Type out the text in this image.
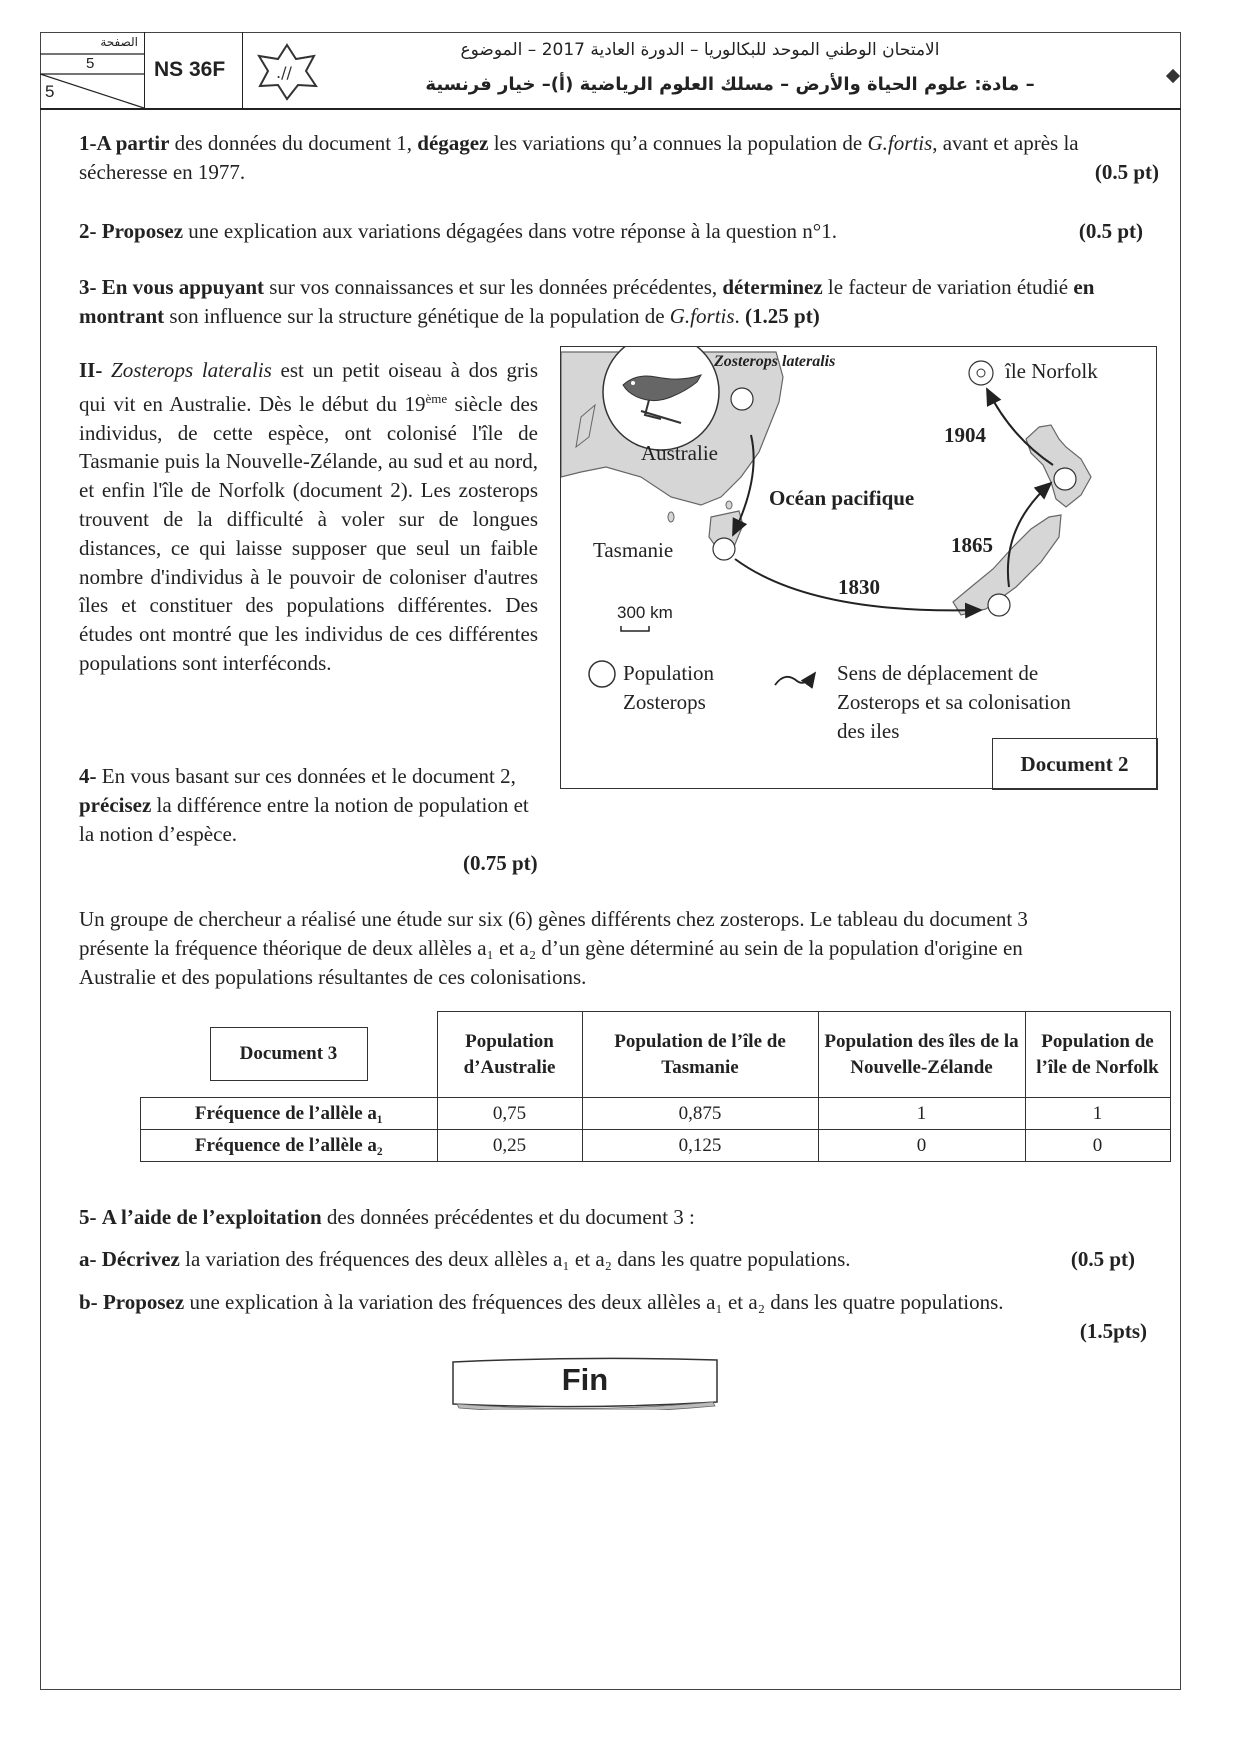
الصفحة
5
5
NS 36F	.//
الامتحان الوطني الموحد للبكالوريا – الدورة العادية 2017 – الموضوع
– مادة: علوم الحياة والأرض – مسلك العلوم الرياضية (أ)– خيار فرنسية
1-A partir des données du document 1, dégagez les variations qu’a connues la population de G.fortis, avant et après la sécheresse en 1977.	(0.5 pt)
2- Proposez une explication aux variations dégagées dans votre réponse à la question n°1.	(0.5 pt)
3- En vous appuyant sur vos connaissances et sur les données précédentes, déterminez le facteur de variation étudié en montrant son influence sur la structure génétique de la population de G.fortis. (1.25 pt)
II- Zosterops lateralis est un petit oiseau à dos gris qui vit en Australie. Dès le début du 19ème siècle des individus, de cette espèce, ont colonisé l'île de Tasmanie puis la Nouvelle-Zélande, au sud et au nord, et enfin l'île de Norfolk (document 2). Les zosterops trouvent de la difficulté à voler sur de longues distances, ce qui laisse supposer que seul un faible nombre d'individus à le pouvoir de coloniser d'autres îles et constituer des populations différentes. Des études ont montré que les individus de ces différentes populations sont interféconds.
4- En vous basant sur ces données et le document 2, précisez la différence entre la notion de population et la notion d’espèce.
(0.75 pt)
Zosterops lateralis
Australie
Océan pacifique
Tasmanie
île Norfolk
1904
1865
1830
300 km
Population
Zosterops
Sens de déplacement de
Zosterops et sa colonisation
des iles
Document 2
Un groupe de chercheur a réalisé une étude sur six (6) gènes différents chez zosterops. Le tableau du document 3 présente la fréquence théorique de deux allèles a₁ et a₂ d’un gène déterminé au sein de la population d'origine en Australie et des populations résultantes de ces colonisations.
Document 3	Population d’Australie	Population de l’île de Tasmanie	Population des îles de la Nouvelle-Zélande	Population de l’île de Norfolk
Fréquence de l’allèle a₁	0,75	0,875	1	1
Fréquence de l’allèle a₂	0,25	0,125	0	0
5- A l’aide de l’exploitation des données précédentes et du document 3 :
a- Décrivez la variation des fréquences des deux allèles a₁ et a₂ dans les quatre populations.	(0.5 pt)
(1.5pts)
b- Proposez une explication à la variation des fréquences des deux allèles a₁ et a₂ dans les quatre populations.
Fin
